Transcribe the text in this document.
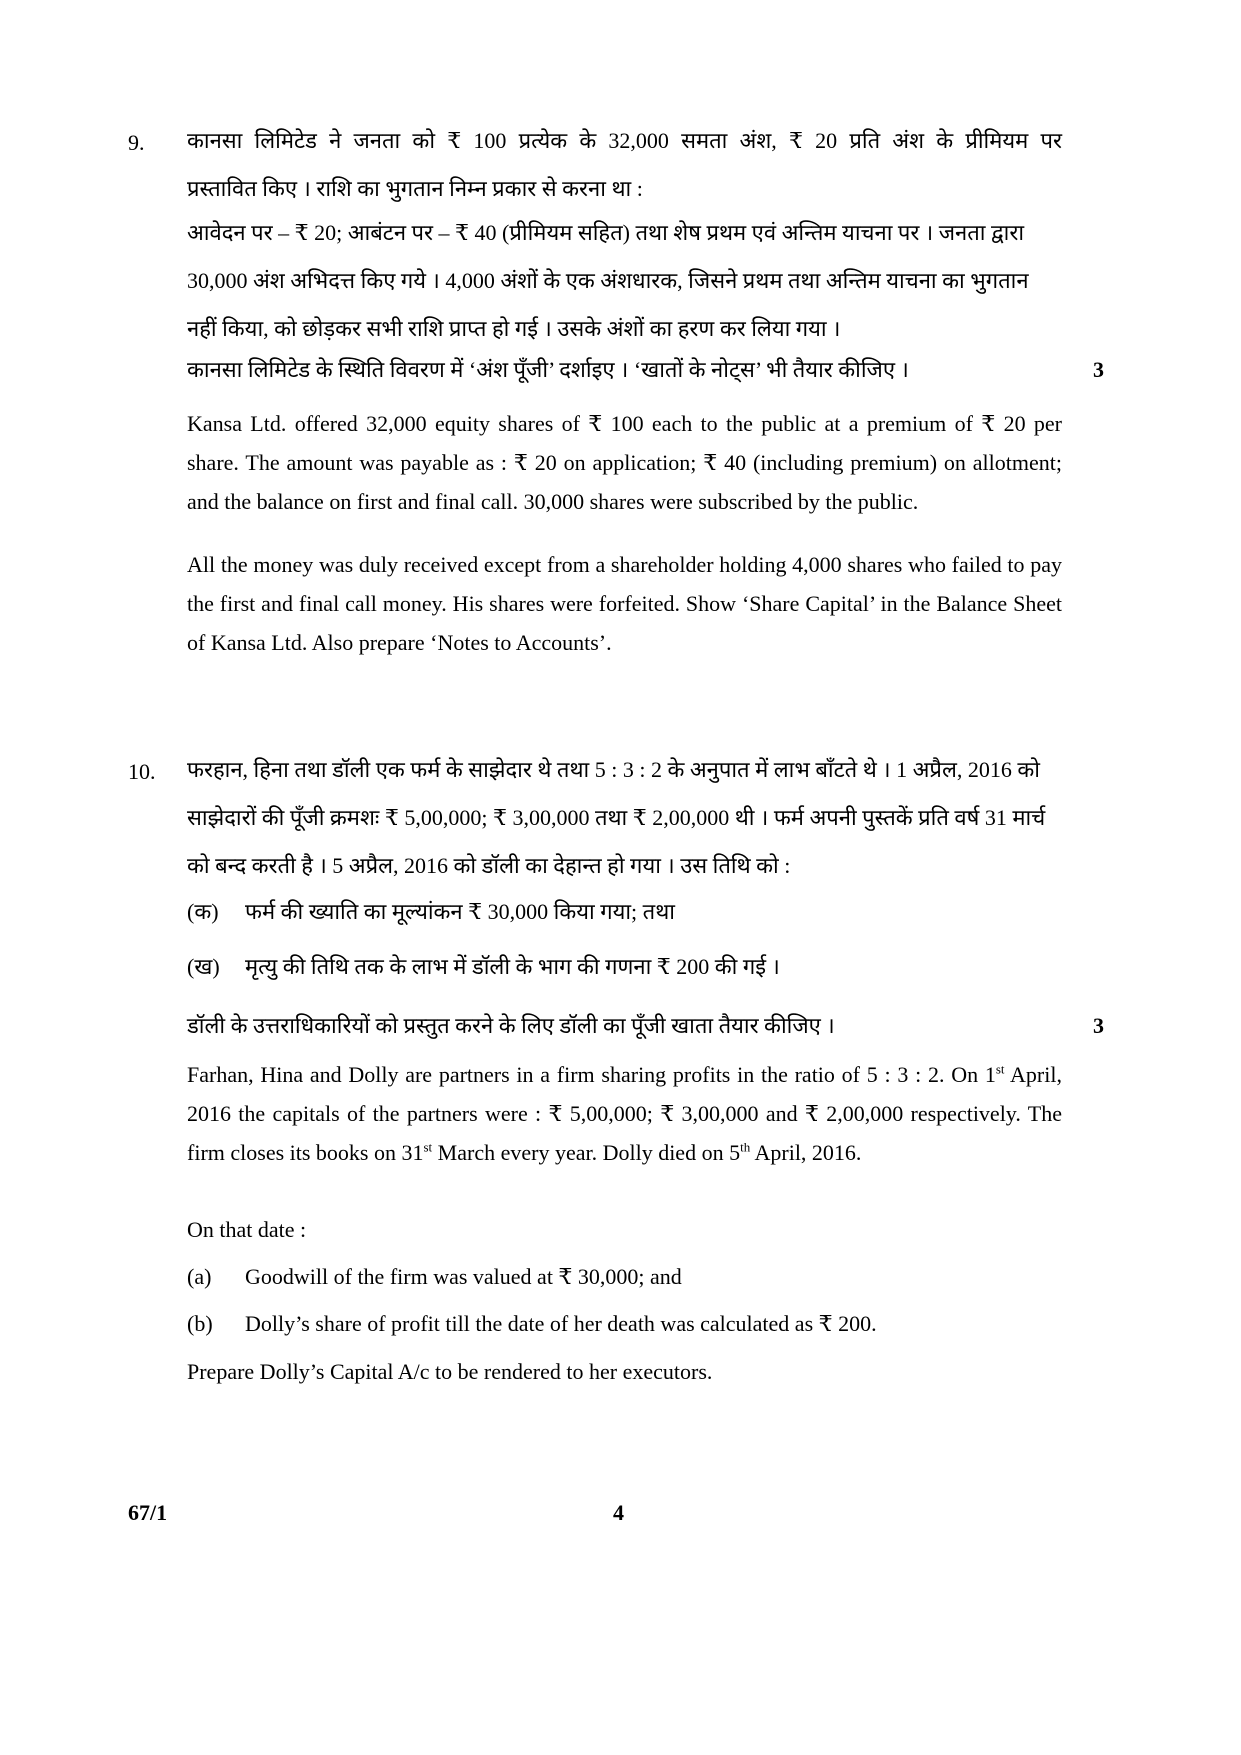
9. कानसा लिमिटेड ने जनता को ₹ 100 प्रत्येक के 32,000 समता अंश, ₹ 20 प्रति अंश के प्रीमियम पर
प्रस्तावित किए । राशि का भुगतान निम्न प्रकार से करना था :
आवेदन पर – ₹ 20; आबंटन पर – ₹ 40 (प्रीमियम सहित) तथा शेष प्रथम एवं अन्तिम याचना पर । जनता द्वारा 30,000 अंश अभिदत्त किए गये । 4,000 अंशों के एक अंशधारक, जिसने प्रथम तथा अन्तिम याचना का भुगतान नहीं किया, को छोड़कर सभी राशि प्राप्त हो गई । उसके अंशों का हरण कर लिया गया ।
कानसा लिमिटेड के स्थिति विवरण में ‘अंश पूँजी’ दर्शाइए । ‘खातों के नोट्स’ भी तैयार कीजिए ।	3
Kansa Ltd. offered 32,000 equity shares of ₹ 100 each to the public at a premium of ₹ 20 per share. The amount was payable as : ₹ 20 on application; ₹ 40 (including premium) on allotment; and the balance on first and final call. 30,000 shares were subscribed by the public.
All the money was duly received except from a shareholder holding 4,000 shares who failed to pay the first and final call money. His shares were forfeited. Show ‘Share Capital’ in the Balance Sheet of Kansa Ltd. Also prepare ‘Notes to Accounts’.
10. फरहान, हिना तथा डॉली एक फर्म के साझेदार थे तथा 5 : 3 : 2 के अनुपात में लाभ बाँटते थे । 1 अप्रैल, 2016 को साझेदारों की पूँजी क्रमशः ₹ 5,00,000; ₹ 3,00,000 तथा ₹ 2,00,000 थी । फर्म अपनी पुस्तकें प्रति वर्ष 31 मार्च को बन्द करती है । 5 अप्रैल, 2016 को डॉली का देहान्त हो गया । उस तिथि को :
(क) फर्म की ख्याति का मूल्यांकन ₹ 30,000 किया गया; तथा
(ख) मृत्यु की तिथि तक के लाभ में डॉली के भाग की गणना ₹ 200 की गई ।
डॉली के उत्तराधिकारियों को प्रस्तुत करने के लिए डॉली का पूँजी खाता तैयार कीजिए ।	3
Farhan, Hina and Dolly are partners in a firm sharing profits in the ratio of 5 : 3 : 2. On 1st April, 2016 the capitals of the partners were : ₹ 5,00,000; ₹ 3,00,000 and ₹ 2,00,000 respectively. The firm closes its books on 31st March every year. Dolly died on 5th April, 2016.
On that date :
(a) Goodwill of the firm was valued at ₹ 30,000; and
(b) Dolly’s share of profit till the date of her death was calculated as ₹ 200.
Prepare Dolly’s Capital A/c to be rendered to her executors.
67/1	4
